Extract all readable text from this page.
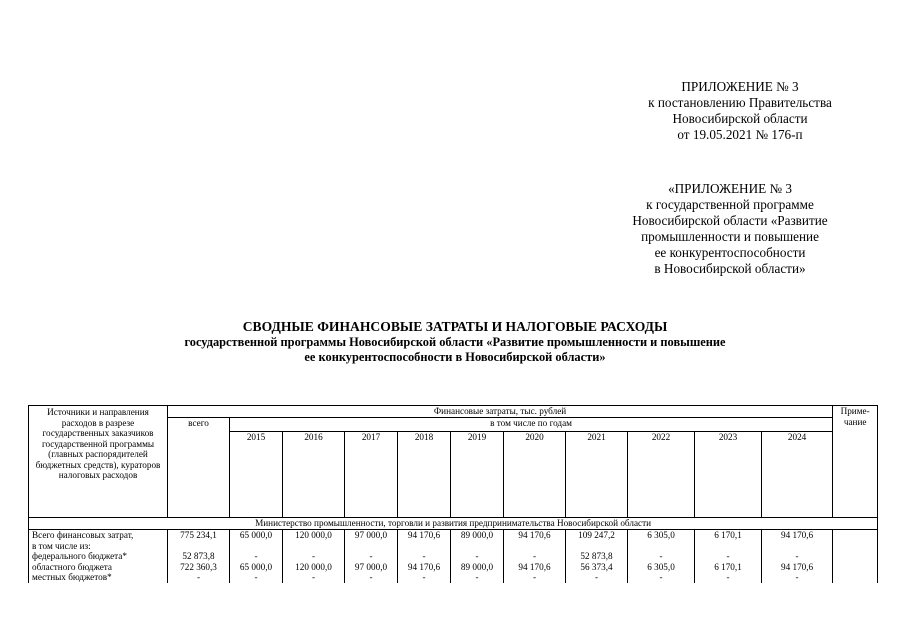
ПРИЛОЖЕНИЕ № 3
к постановлению Правительства
Новосибирской области
от 19.05.2021 № 176-п
«ПРИЛОЖЕНИЕ № 3
к государственной программе
Новосибирской области «Развитие
промышленности и повышение
ее конкурентоспособности
в Новосибирской области»
СВОДНЫЕ ФИНАНСОВЫЕ ЗАТРАТЫ И НАЛОГОВЫЕ РАСХОДЫ
государственной программы Новосибирской области «Развитие промышленности и повышение
ее конкурентоспособности в Новосибирской области»
Источники и направления расходов в разрезе государственных заказчиков государственной программы (главных распорядителей бюджетных средств), кураторов налоговых расходов	Финансовые затраты, тыс. рублей											Приме-чание
	всего	в том числе по годам										
		2015	2016	2017	2018	2019	2020	2021	2022	2023	2024	
Министерство промышленности, торговли и развития предпринимательства Новосибирской области												
Всего финансовых затрат,	775 234,1	65 000,0	120 000,0	97 000,0	94 170,6	89 000,0	94 170,6	109 247,2	6 305,0	6 170,1	94 170,6	
в том числе из:												
федерального бюджета*	52 873,8	-	-	-	-	-	-	52 873,8	-	-	-	
областного бюджета	722 360,3	65 000,0	120 000,0	97 000,0	94 170,6	89 000,0	94 170,6	56 373,4	6 305,0	6 170,1	94 170,6	
местных бюджетов*	-	-	-	-	-	-	-	-	-	-	-	
